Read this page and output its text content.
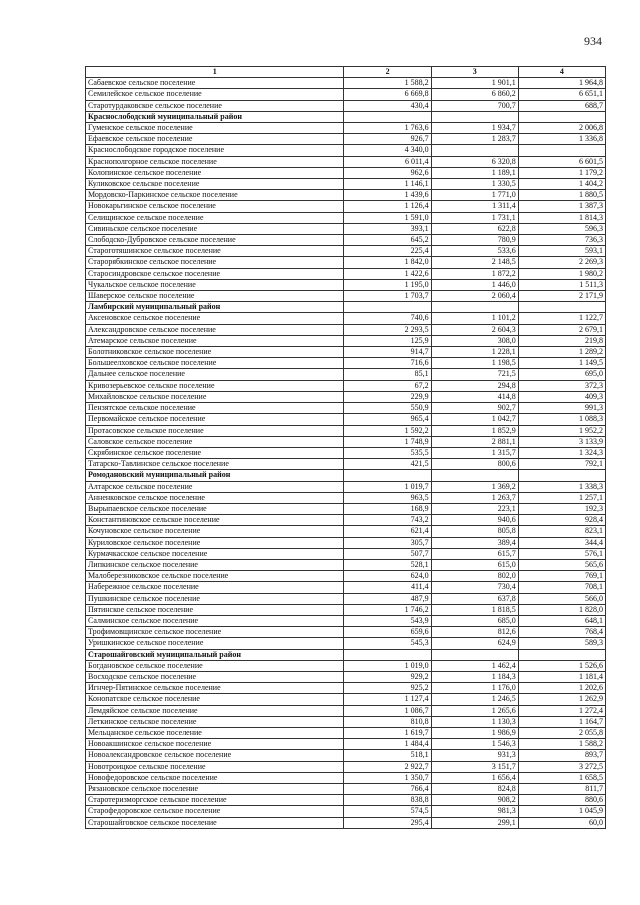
934
1	2	3	4
Сабаевское сельское поселение	1 588,2	1 901,1	1 964,8
Семилейское сельское поселение	6 669,8	6 860,2	6 651,1
Старотурдаковское сельское поселение	430,4	700,7	688,7
Краснослободский муниципальный район			
Гуменское сельское поселение	1 763,6	1 934,7	2 006,8
Ефаевское сельское поселение	926,7	1 283,7	1 336,8
Краснослободское городское поселение	4 340,0		
Краснополгорное сельское поселение	6 011,4	6 320,8	6 601,5
Колопинское сельское поселение	962,6	1 189,1	1 179,2
Куликовское сельское поселение	1 146,1	1 330,5	1 404,2
Мордовско-Паркинское сельское поселение	1 439,6	1 771,0	1 880,5
Новокарьгинское сельское поселение	1 126,4	1 311,4	1 387,3
Селищинское сельское поселение	1 591,0	1 731,1	1 814,3
Сивиньское сельское поселение	393,1	622,8	596,3
Слободско-Дубровское сельское поселение	645,2	780,9	736,3
Староготяшинское сельское поселение	225,4	533,6	593,1
Старорябкинское сельское поселение	1 842,0	2 148,5	2 269,3
Старосиндровское сельское поселение	1 422,6	1 872,2	1 980,2
Чукальское сельское поселение	1 195,0	1 446,0	1 511,3
Шаверское сельское поселение	1 703,7	2 060,4	2 171,9
Ламбирский муниципальный район			
Аксеновское сельское поселение	740,6	1 101,2	1 122,7
Александровское сельское поселение	2 293,5	2 604,3	2 679,1
Атемарское сельское поселение	125,9	308,0	219,8
Болотниковское сельское поселение	914,7	1 228,1	1 289,2
Большеелховское сельское поселение	716,6	1 198,5	1 149,5
Дальнее сельское поселение	85,1	721,5	695,0
Кривозерьевское сельское поселение	67,2	294,8	372,3
Михайловское сельское поселение	229,9	414,8	409,3
Пензятское сельское поселение	550,9	902,7	991,3
Первомайское сельское поселение	965,4	1 042,7	1 088,3
Протасовское сельское поселение	1 592,2	1 852,9	1 952,2
Саловское сельское поселение	1 748,9	2 881,1	3 133,9
Скрябинское сельское поселение	535,5	1 315,7	1 324,3
Татарско-Тавлинское сельское поселение	421,5	800,6	792,1
Ромодановский муниципальный район			
Алтарское сельское поселение	1 019,7	1 369,2	1 338,3
Анненковское сельское поселение	963,5	1 263,7	1 257,1
Вырыпаевское сельское поселение	168,9	223,1	192,3
Константиновское сельское поселение	743,2	940,6	928,4
Кочуновское сельское поселение	621,4	805,8	823,1
Куриловское сельское поселение	305,7	389,4	344,4
Курмачкасское сельское поселение	507,7	615,7	576,1
Липкинское сельское поселение	528,1	615,0	565,6
Малоберезниковское сельское поселение	624,0	802,0	769,1
Набережное сельское поселение	411,4	730,4	708,1
Пушкинское сельское поселение	487,9	637,8	566,0
Пятинское сельское поселение	1 746,2	1 818,5	1 828,0
Салминское сельское поселение	543,9	685,0	648,1
Трофимовщинское сельское поселение	659,6	812,6	768,4
Уришкинское сельское поселение	545,3	624,9	589,3
Старошайговский муниципальный район			
Богдановское сельское поселение	1 019,0	1 462,4	1 526,6
Восходское сельское поселение	929,2	1 184,3	1 181,4
Игнчер-Пятинское сельское поселение	925,2	1 176,0	1 202,6
Конопатское сельское поселение	1 127,4	1 246,5	1 262,9
Лемдяйское сельское поселение	1 086,7	1 265,6	1 272,4
Леткинское сельское поселение	810,8	1 130,3	1 164,7
Мельцанское сельское поселение	1 619,7	1 986,9	2 055,8
Новоакшинское сельское поселение	1 484,4	1 546,3	1 588,2
Новоалександровское сельское поселение	518,1	931,3	893,7
Новотроицкое сельское поселение	2 922,7	3 151,7	3 272,5
Новофедоровское сельское поселение	1 350,7	1 656,4	1 658,5
Рязановское сельское поселение	766,4	824,8	811,7
Старотеризморгское сельское поселение	838,8	908,2	880,6
Старофедоровское сельское поселение	574,5	981,3	1 045,9
Старошайговское сельское поселение	295,4	299,1	60,0
